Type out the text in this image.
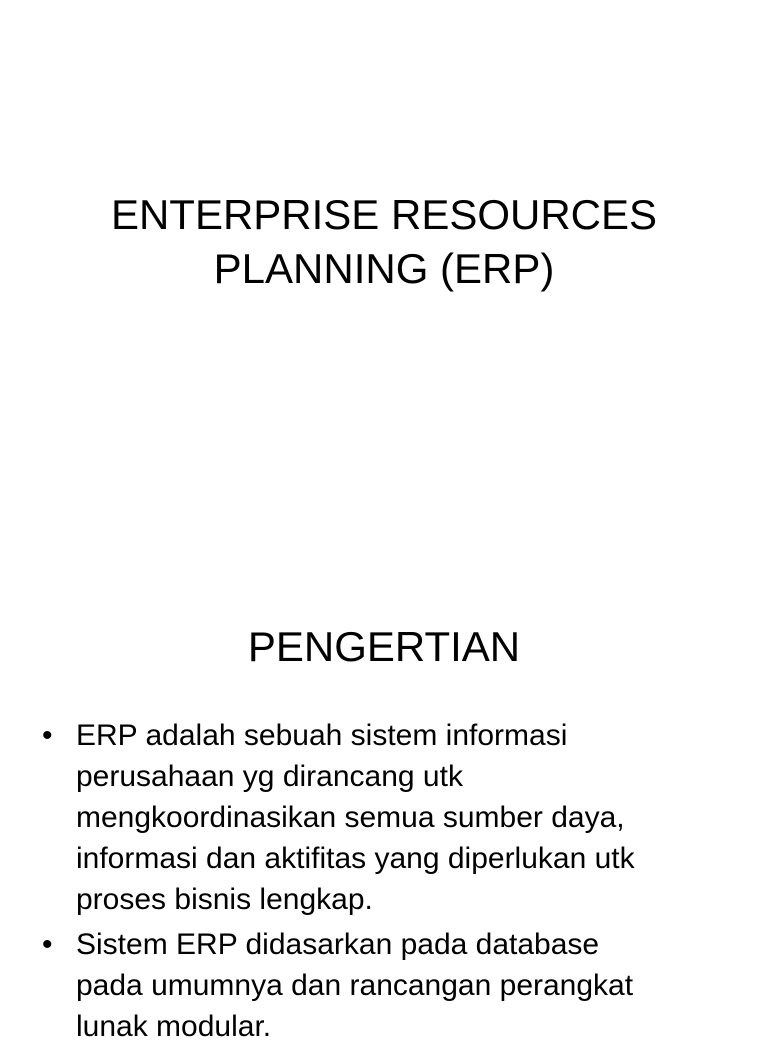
ENTERPRISE RESOURCES
PLANNING (ERP)
PENGERTIAN
• ERP adalah sebuah sistem informasi
perusahaan yg dirancang utk
mengkoordinasikan semua sumber daya,
informasi dan aktifitas yang diperlukan utk
proses bisnis lengkap.
• Sistem ERP didasarkan pada database
pada umumnya dan rancangan perangkat
lunak modular.
